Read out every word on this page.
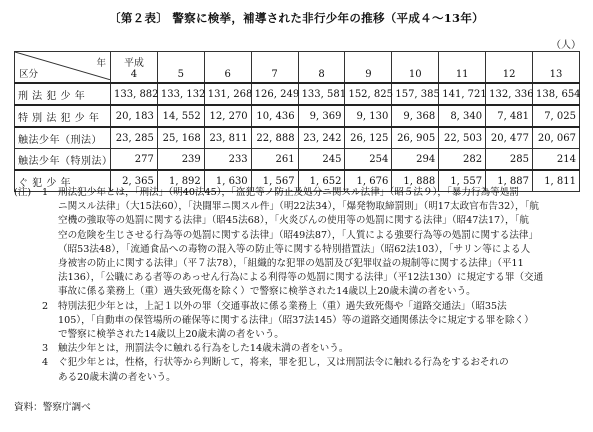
〔第２表〕 警察に検挙，補導された非行少年の推移（平成４～13年）
（人）
年
区分	平成
4	5	6	7	8	9	10	11	12	13
刑 法 犯 少 年	133, 882	133, 132	131, 268	126, 249	133, 581	152, 825	157, 385	141, 721	132, 336	138, 654
特 別 法 犯 少 年	20, 183	14, 552	12, 270	10, 436	9, 369	9, 130	9, 368	8, 340	7, 481	7, 025
触法少年（刑法）	23, 285	25, 168	23, 811	22, 888	23, 242	26, 125	26, 905	22, 503	20, 477	20, 067
触法少年（特別法）	277	239	233	261	245	254	294	282	285	214
ぐ 犯 少 年	2, 365	1, 892	1, 630	1, 567	1, 652	1, 676	1, 888	1, 557	1, 887	1, 811
(注) 1 刑法犯少年とは，「刑法」（明40法45），「盗犯等ノ防止及処分ニ関スル法律」（昭５法９），「暴力行為等処罰
ニ関スル法律」（大15法60），「決闘罪ニ関スル件」（明22法34），「爆発物取締罰則」（明17太政官布告32），「航
空機の強取等の処罰に関する法律」（昭45法68），「火炎びんの使用等の処罰に関する法律」（昭47法17），「航
空の危険を生じさせる行為等の処罰に関する法律」（昭49法87），「人質による強要行為等の処罰に関する法律」
（昭53法48），「流通食品への毒物の混入等の防止等に関する特別措置法」（昭62法103），「サリン等による人
身被害の防止に関する法律」（平７法78），「組織的な犯罪の処罰及び犯罪収益の規制等に関する法律」（平11
法136），「公職にある者等のあっせん行為による利得等の処罰に関する法律」（平12法130）に規定する罪（交通
事故に係る業務上（重）過失致死傷を除く）で警察に検挙された14歳以上20歳未満の者をいう。
2 特別法犯少年とは，上記１以外の罪（交通事故に係る業務上（重）過失致死傷や「道路交通法」（昭35法
105），「自動車の保管場所の確保等に関する法律」（昭37法145）等の道路交通関係法令に規定する罪を除く）
で警察に検挙された14歳以上20歳未満の者をいう。
3 触法少年とは，刑罰法令に触れる行為をした14歳未満の者をいう。
4 ぐ犯少年とは，性格，行状等から判断して，将来，罪を犯し，又は刑罰法令に触れる行為をするおそれの
ある20歳未満の者をいう。
資料：警察庁調べ
